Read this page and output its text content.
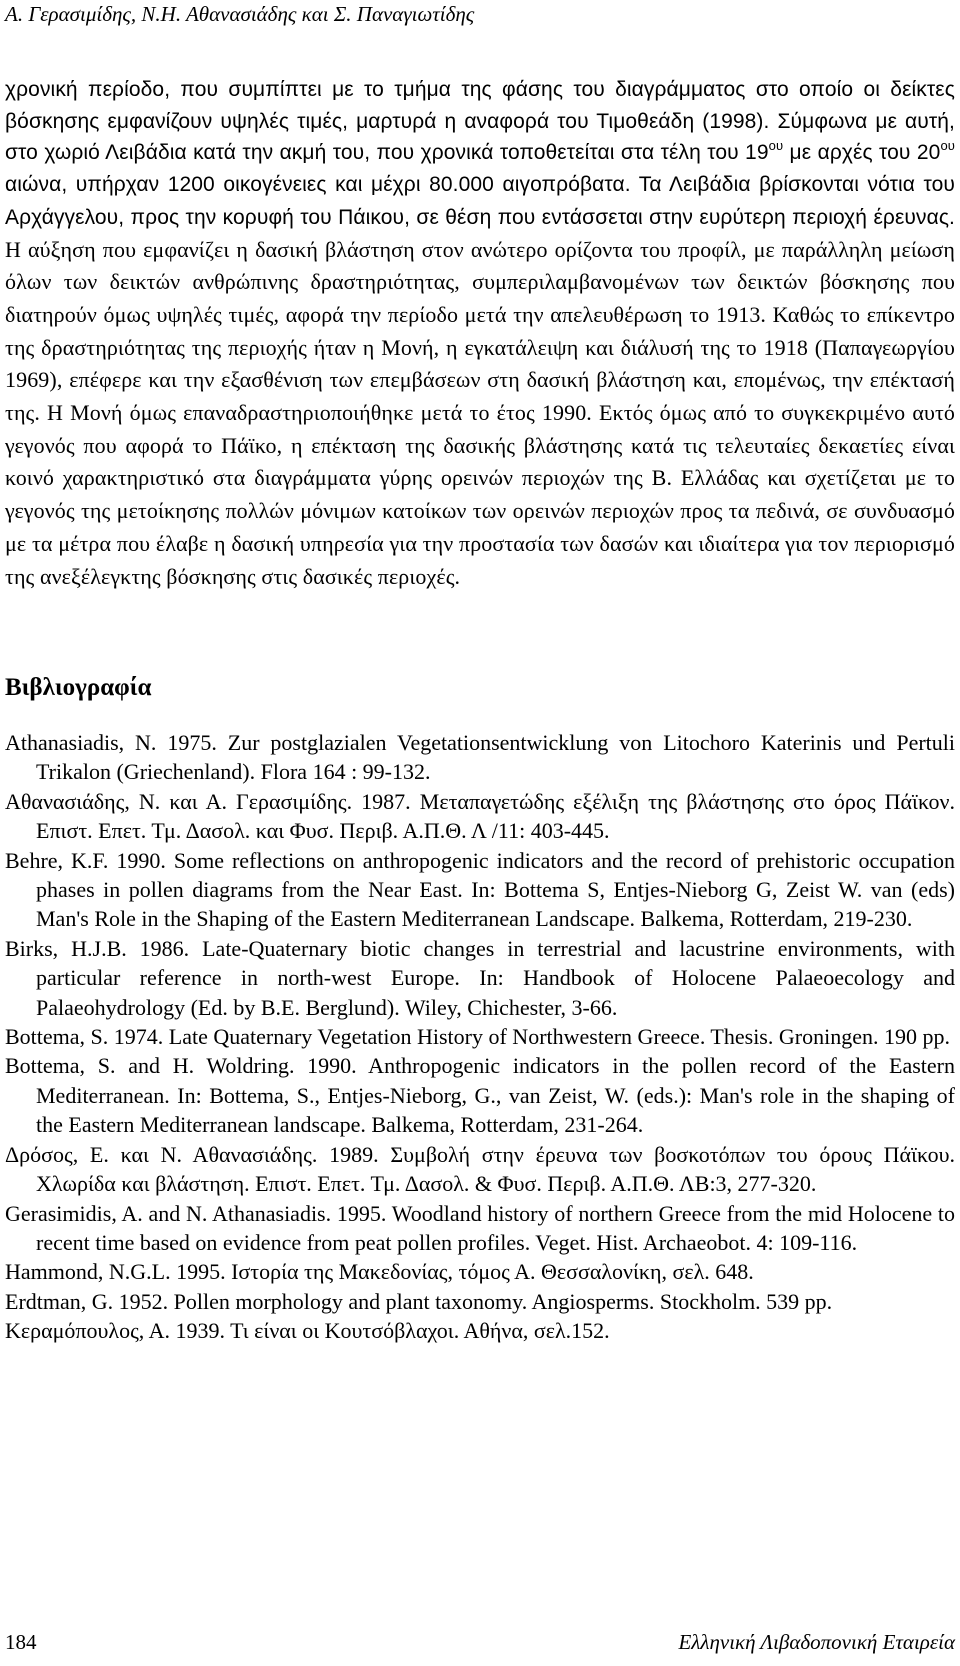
Α. Γερασιμίδης, Ν.Η. Αθανασιάδης και Σ. Παναγιωτίδης
χρονική περίοδο, που συμπίπτει με το τμήμα της φάσης του διαγράμματος στο οποίο οι δείκτες βόσκησης εμφανίζουν υψηλές τιμές, μαρτυρά η αναφορά του Τιμοθεάδη (1998). Σύμφωνα με αυτή, στο χωριό Λειβάδια κατά την ακμή του, που χρονικά τοποθετείται στα τέλη του $19^{o\upsilon}$ με αρχές του $20^{o\upsilon}$ αιώνα, υπήρχαν 1200 οικογένειες και μέχρι 80.000 αιγοπρόβατα. Τα Λειβάδια βρίσκονται νότια του Αρχάγγελου, προς την κορυφή του Πάικου, σε θέση που εντάσσεται στην ευρύτερη περιοχή έρευνας. Η αύξηση που εμφανίζει η δασική βλάστηση στον ανώτερο ορίζοντα του προφίλ, με παράλληλη μείωση όλων των δεικτών ανθρώπινης δραστηριότητας, συμπεριλαμβανομένων των δεικτών βόσκησης που διατηρούν όμως υψηλές τιμές, αφορά την περίοδο μετά την απελευθέρωση το 1913. Καθώς το επίκεντρο της δραστηριότητας της περιοχής ήταν η Μονή, η εγκατάλειψη και διάλυσή της το 1918 (Παπαγεωργίου 1969), επέφερε και την εξασθένιση των επεμβάσεων στη δασική βλάστηση και, επομένως, την επέκτασή της. Η Μονή όμως επαναδραστηριοποιήθηκε μετά το έτος 1990. Εκτός όμως από το συγκεκριμένο αυτό γεγονός που αφορά το Πάϊκο, η επέκταση της δασικής βλάστησης κατά τις τελευταίες δεκαετίες είναι κοινό χαρακτηριστικό στα διαγράμματα γύρης ορεινών περιοχών της Β. Ελλάδας και σχετίζεται με το γεγονός της μετοίκησης πολλών μόνιμων κατοίκων των ορεινών περιοχών προς τα πεδινά, σε συνδυασμό με τα μέτρα που έλαβε η δασική υπηρεσία για την προστασία των δασών και ιδιαίτερα για τον περιορισμό της ανεξέλεγκτης βόσκησης στις δασικές περιοχές.
Βιβλιογραφία

Athanasiadis, N. 1975. Zur postglazialen Vegetationsentwicklung von Litochoro Katerinis und Pertuli Trikalon (Griechenland). Flora 164 : 99-132.

Αθανασιάδης, Ν. και Α. Γερασιμίδης. 1987. Μεταπαγετώδης εξέλιξη της βλάστησης στο όρος Πάϊκον. Επιστ. Επετ. Τμ. Δασολ. και Φυσ. Περιβ. Α.Π.Θ. Λ /11: 403-445.

Behre, K.F. 1990. Some reflections on anthropogenic indicators and the record of prehistoric occupation phases in pollen diagrams from the Near East. In: Bottema S, Entjes-Nieborg G, Zeist W. van (eds) Man's Role in the Shaping of the Eastern Mediterranean Landscape. Balkema, Rotterdam, 219-230.

Birks, H.J.B. 1986. Late-Quaternary biotic changes in terrestrial and lacustrine environments, with particular reference in north-west Europe. In: Handbook of Holocene Palaeoecology and Palaeohydrology (Ed. by B.E. Berglund). Wiley, Chichester, 3-66.

Bottema, S. 1974. Late Quaternary Vegetation History of Northwestern Greece. Thesis. Groningen. 190 pp.

Bottema, S. and H. Woldring. 1990. Anthropogenic indicators in the pollen record of the Eastern Mediterranean. In: Bottema, S., Entjes-Nieborg, G., van Zeist, W. (eds.): Man's role in the shaping of the Eastern Mediterranean landscape. Balkema, Rotterdam, 231-264.

Δρόσος, Ε. και Ν. Αθανασιάδης. 1989. Συμβολή στην έρευνα των βοσκοτόπων του όρους Πάϊκου. Χλωρίδα και βλάστηση. Επιστ. Επετ. Τμ. Δασολ. & Φυσ. Περιβ. Α.Π.Θ. ΛΒ:3, 277-320.

Gerasimidis, A. and N. Athanasiadis. 1995. Woodland history of northern Greece from the mid Holocene to recent time based on evidence from peat pollen profiles. Veget. Hist. Archaeobot. 4: 109-116.

Hammond, N.G.L. 1995. Ιστορία της Μακεδονίας, τόμος Α. Θεσσαλονίκη, σελ. 648.

Erdtman, G. 1952. Pollen morphology and plant taxonomy. Angiosperms. Stockholm. 539 pp.

Κεραμόπουλος, Α. 1939. Τι είναι οι Κουτσόβλαχοι. Αθήνα, σελ.152.

184	Ελληνική Λιβαδοπονική Εταιρεία
